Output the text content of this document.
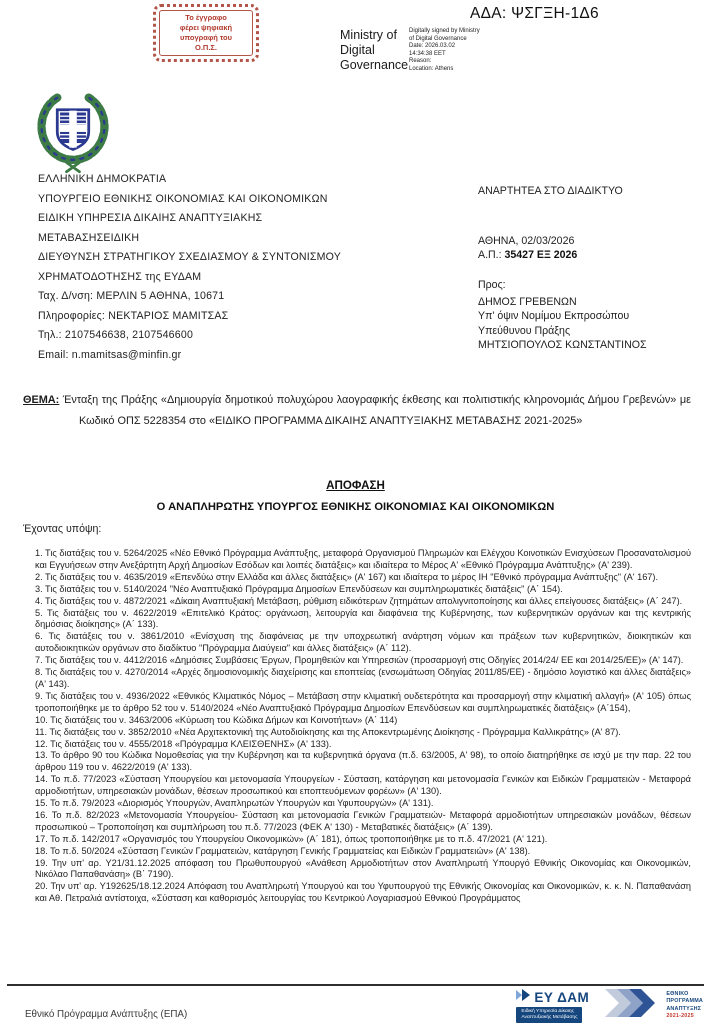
Το έγγραφο
φέρει ψηφιακή
υπογραφή του
Ο.Π.Σ.
Ministry of Digital Governance
Digitally signed by Ministry
of Digital Governance
Date: 2026.03.02
14:34:38 EET
Reason:
Location: Athens
ΑΔΑ: ΨΣΓΞΗ-1Δ6
ΕΛΛΗΝΙΚΗ ΔΗΜΟΚΡΑΤΙΑ
ΥΠΟΥΡΓΕΙΟ ΕΘΝΙΚΗΣ ΟΙΚΟΝΟΜΙΑΣ ΚΑΙ ΟΙΚΟΝΟΜΙΚΩΝ
ΕΙΔΙΚΗ ΥΠΗΡΕΣΙΑ ΔΙΚΑΙΗΣ ΑΝΑΠΤΥΞΙΑΚΗΣ
ΜΕΤΑΒΑΣΗΣΕΙΔΙΚΗ
ΔΙΕΥΘΥΝΣΗ ΣΤΡΑΤΗΓΙΚΟΥ ΣΧΕΔΙΑΣΜΟΥ & ΣΥΝΤΟΝΙΣΜΟΥ
ΧΡΗΜΑΤΟΔΟΤΗΣΗΣ της ΕΥΔΑΜ
Ταχ. Δ/νση: ΜΕΡΛΙΝ 5 ΑΘΗΝΑ, 10671
Πληροφορίες: ΝΕΚΤΑΡΙΟΣ ΜΑΜΙΤΣΑΣ
Τηλ.: 2107546638, 2107546600
Email: n.mamitsas@minfin.gr
ΑΝΑΡΤΗΤΕΑ ΣΤΟ ΔΙΑΔΙΚΤΥΟ
ΑΘΗΝΑ, 02/03/2026
Α.Π.: 35427 ΕΞ 2026
Προς:
ΔΗΜΟΣ ΓΡΕΒΕΝΩΝ
Υπ' όψιν Νομίμου Εκπροσώπου
Υπεύθυνου Πράξης
ΜΗΤΣΙΟΠΟΥΛΟΣ ΚΩΝΣΤΑΝΤΙΝΟΣ
ΘΕΜΑ: Ένταξη της Πράξης «Δημιουργία δημοτικού πολυχώρου λαογραφικής έκθεσης και πολιτιστικής κληρονομιάς Δήμου Γρεβενών» με Κωδικό ΟΠΣ 5228354 στο «ΕΙΔΙΚΟ ΠΡΟΓΡΑΜΜΑ ΔΙΚΑΙΗΣ ΑΝΑΠΤΥΞΙΑΚΗΣ ΜΕΤΑΒΑΣΗΣ 2021-2025»
ΑΠΟΦΑΣΗ
Ο ΑΝΑΠΛΗΡΩΤΗΣ ΥΠΟΥΡΓΟΣ ΕΘΝΙΚΗΣ ΟΙΚΟΝΟΜΙΑΣ ΚΑΙ ΟΙΚΟΝΟΜΙΚΩΝ
Έχοντας υπόψη:
1. Τις διατάξεις του ν. 5264/2025 «Νέο Εθνικό Πρόγραμμα Ανάπτυξης, μεταφορά Οργανισμού Πληρωμών και Ελέγχου Κοινοτικών Ενισχύσεων Προσανατολισμού και Εγγυήσεων στην Ανεξάρτητη Αρχή Δημοσίων Εσόδων και λοιπές διατάξεις» και ιδιαίτερα το Μέρος Α' «Εθνικό Πρόγραμμα Ανάπτυξης» (Α' 239).
2. Τις διατάξεις του ν. 4635/2019 «Επενδύω στην Ελλάδα και άλλες διατάξεις» (Α' 167) και ιδιαίτερα το μέρος ΙΗ "Εθνικό πρόγραμμα Ανάπτυξης" (Α' 167).
3. Τις διατάξεις του ν. 5140/2024 "Νέο Αναπτυξιακό Πρόγραμμα Δημοσίων Επενδύσεων και συμπληρωματικές διατάξεις" (Α΄ 154).
4. Τις διατάξεις του ν. 4872/2021 «Δίκαιη Αναπτυξιακή Μετάβαση, ρύθμιση ειδικότερων ζητημάτων απολιγνιτοποίησης και άλλες επείγουσες διατάξεις» (Α΄ 247).
5. Τις διατάξεις του ν. 4622/2019 «Επιτελικό Κράτος: οργάνωση, λειτουργία και διαφάνεια της Κυβέρνησης, των κυβερνητικών οργάνων και της κεντρικής δημόσιας διοίκησης» (Α΄ 133).
6. Τις διατάξεις του ν. 3861/2010 «Ενίσχυση της διαφάνειας με την υποχρεωτική ανάρτηση νόμων και πράξεων των κυβερνητικών, διοικητικών και αυτοδιοικητικών οργάνων στο διαδίκτυο "Πρόγραμμα Διαύγεια" και άλλες διατάξεις» (Α΄ 112).
7. Τις διατάξεις του ν. 4412/2016 «Δημόσιες Συμβάσεις Έργων, Προμηθειών και Υπηρεσιών (προσαρμογή στις Οδηγίες 2014/24/ ΕΕ και 2014/25/ΕΕ)» (Α' 147).
8. Τις διατάξεις του ν. 4270/2014 «Αρχές δημοσιονομικής διαχείρισης και εποπτείας (ενσωμάτωση Οδηγίας 2011/85/ΕΕ) - δημόσιο λογιστικό και άλλες διατάξεις» (Α' 143).
9. Τις διατάξεις του ν. 4936/2022 «Εθνικός Κλιματικός Νόμος – Μετάβαση στην κλιματική ουδετερότητα και προσαρμογή στην κλιματική αλλαγή» (Α' 105) όπως τροποποιήθηκε με το άρθρο 52 του ν. 5140/2024 «Νέο Αναπτυξιακό Πρόγραμμα Δημοσίων Επενδύσεων και συμπληρωματικές διατάξεις» (Α΄154),
10. Τις διατάξεις του ν. 3463/2006 «Κύρωση του Κώδικα Δήμων και Κοινοτήτων» (Α΄ 114)
11. Τις διατάξεις του ν. 3852/2010 «Νέα Αρχιτεκτονική της Αυτοδιοίκησης και της Αποκεντρωμένης Διοίκησης - Πρόγραμμα Καλλικράτης» (Α' 87).
12. Τις διατάξεις του ν. 4555/2018 «Πρόγραμμα ΚΛΕΙΣΘΕΝΗΣ» (Α' 133).
13. Το άρθρο 90 του Κώδικα Νομοθεσίας για την Κυβέρνηση και τα κυβερνητικά όργανα (π.δ. 63/2005, Α' 98), το οποίο διατηρήθηκε σε ισχύ με την παρ. 22 του άρθρου 119 του ν. 4622/2019 (Α' 133).
14. Το π.δ. 77/2023 «Σύσταση Υπουργείου και μετονομασία Υπουργείων - Σύσταση, κατάργηση και μετονομασία Γενικών και Ειδικών Γραμματειών - Μεταφορά αρμοδιοτήτων, υπηρεσιακών μονάδων, θέσεων προσωπικού και εποπτευόμενων φορέων» (Α' 130).
15. Το π.δ. 79/2023 «Διορισμός Υπουργών, Αναπληρωτών Υπουργών και Υφυπουργών» (Α' 131).
16. Το π.δ. 82/2023 «Μετονομασία Υπουργείου- Σύσταση και μετονομασία Γενικών Γραμματειών- Μεταφορά αρμοδιοτήτων υπηρεσιακών μονάδων, θέσεων προσωπικού – Τροποποίηση και συμπλήρωση του π.δ. 77/2023 (ΦΕΚ Α' 130) - Μεταβατικές διατάξεις» (Α΄ 139).
17. Το π.δ. 142/2017 «Οργανισμός του Υπουργείου Οικονομικών» (Α΄ 181), όπως τροποποιήθηκε με το π.δ. 47/2021 (Α' 121).
18. Το π.δ. 50/2024 «Σύσταση Γενικών Γραμματειών, κατάργηση Γενικής Γραμματείας και Ειδικών Γραμματειών» (Α' 138).
19. Την υπ' αρ. Υ21/31.12.2025 απόφαση του Πρωθυπουργού «Ανάθεση Αρμοδιοτήτων στον Αναπληρωτή Υπουργό Εθνικής Οικονομίας και Οικονομικών, Νικόλαο Παπαθανάση» (Β΄ 7190).
20. Την υπ' αρ. Υ192625/18.12.2024 Απόφαση του Αναπληρωτή Υπουργού και του Υφυπουργού της Εθνικής Οικονομίας και Οικονομικών, κ. κ. Ν. Παπαθανάση και Αθ. Πετραλιά αντίστοιχα, «Σύσταση και καθορισμός λειτουργίας του Κεντρικού Λογαριασμού Εθνικού Προγράμματος
ΕΥ ΔΑΜ
Ειδική Υπηρεσία Δίκαιης
Αναπτυξιακής Μετάβασης
ΕΘΝΙΚΟ
ΠΡΟΓΡΑΜΜΑ
ΑΝΑΠΤΥΞΗΣ
2021-2025
Εθνικό Πρόγραμμα Ανάπτυξης (ΕΠΑ)
